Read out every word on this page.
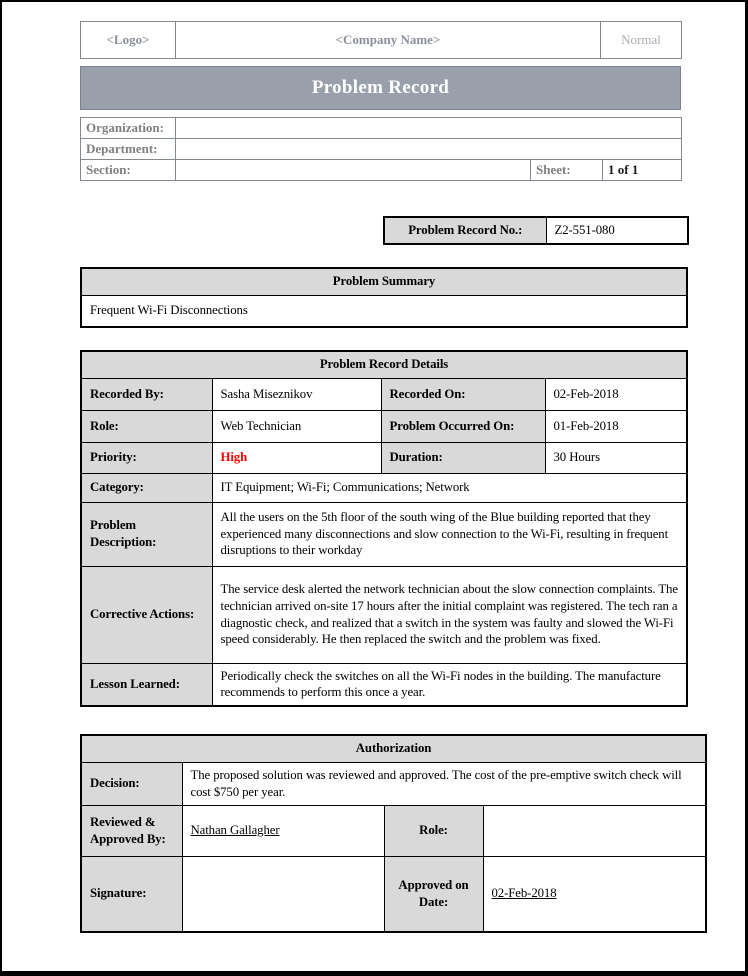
<Logo>	<Company Name>	Normal
Problem Record
Organization:			
Department:			
Section:		Sheet:	1 of 1
Problem Record No.:	Z2-551-080
Problem Summary
Frequent Wi-Fi Disconnections
Problem Record Details			
Recorded By:	Sasha Miseznikov	Recorded On:	02-Feb-2018
Role:	Web Technician	Problem Occurred On:	01-Feb-2018
Priority:	High	Duration:	30 Hours
Category:	IT Equipment; Wi-Fi; Communications; Network		
Problem Description:	All the users on the 5th floor of the south wing of the Blue building reported that they experienced many disconnections and slow connection to the Wi-Fi, resulting in frequent disruptions to their workday		
Corrective Actions:	The service desk alerted the network technician about the slow connection complaints. The technician arrived on-site 17 hours after the initial complaint was registered. The tech ran a diagnostic check, and realized that a switch in the system was faulty and slowed the Wi-Fi speed considerably. He then replaced the switch and the problem was fixed.		
Lesson Learned:	Periodically check the switches on all the Wi-Fi nodes in the building. The manufacture recommends to perform this once a year.		
Authorization			
Decision:	The proposed solution was reviewed and approved. The cost of the pre-emptive switch check will cost $750 per year.		
Reviewed & Approved By:	Nathan Gallagher	Role:	
Signature:		Approved on Date:	02-Feb-2018
